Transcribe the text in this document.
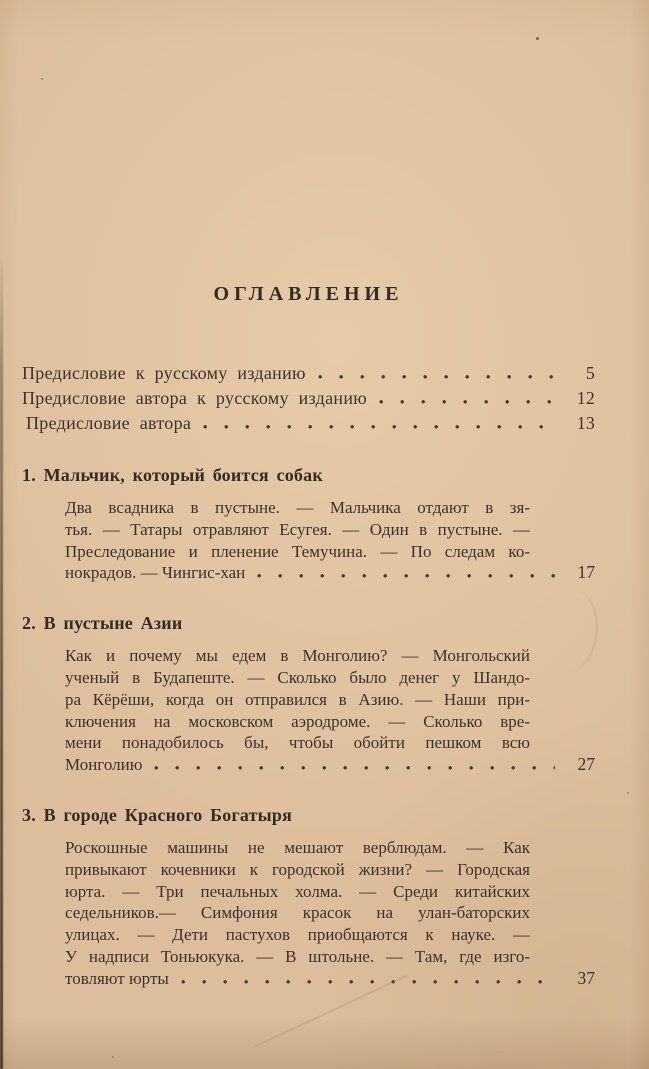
ОГЛАВЛЕНИЕ
Предисловие к русскому изданию	5
Предисловие автора к русскому изданию	12
Предисловие автора	13
1. Мальчик, который боится собак
Два всадника в пустыне. — Мальчика отдают в зя-
тья. — Татары отравляют Есугея. — Один в пустыне. —
Преследование и пленение Темучина. — По следам ко-
нокрадов. — Чингис-хан	17
2. В пустыне Азии
Как и почему мы едем в Монголию? — Монгольский
ученый в Будапеште. — Сколько было денег у Шандо-
ра Кёрёши, когда он отправился в Азию. — Наши при-
ключения на московском аэродроме. — Сколько вре-
мени понадобилось бы, чтобы обойти пешком всю
Монголию	27
3. В городе Красного Богатыря
Роскошные машины не мешают верблюдам. — Как
привыкают кочевники к городской жизни? — Городская
юрта. — Три печальных холма. — Среди китайских
седельников.— Симфония красок на улан-баторских
улицах. — Дети пастухов приобщаются к науке. —
У надписи Тоньюкука. — В штольне. — Там, где изго-
товляют юрты	37
